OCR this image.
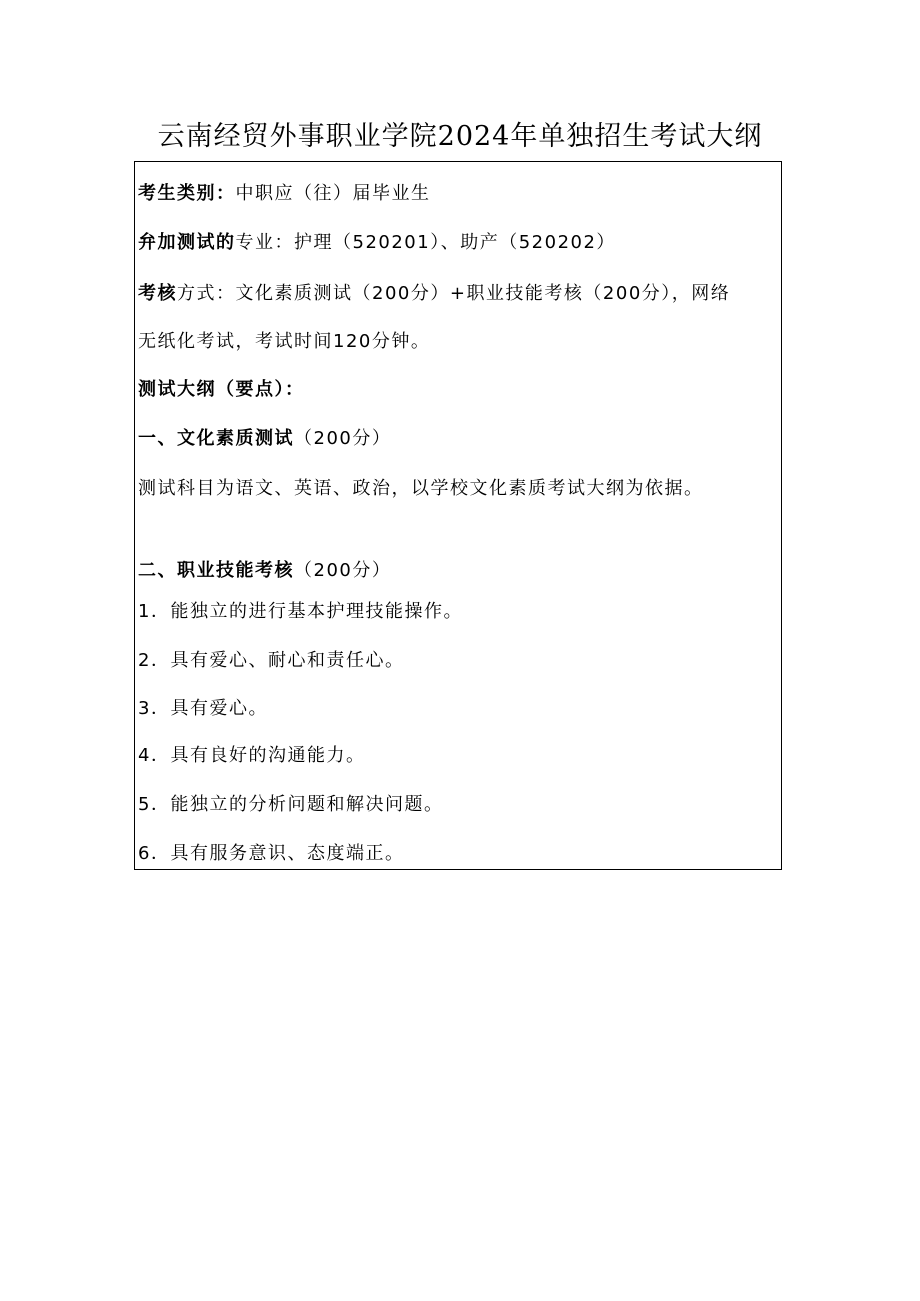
云南经贸外事职业学院2024年单独招生考试大纲
考生类别：中职应（往）届毕业生
弁加测试的专业：护理（520201）、助产（520202）
考核方式：文化素质测试（200分）+职业技能考核（200分），网络
无纸化考试，考试时间120分钟。
测试大纲（要点）：
一、文化素质测试（200分）
测试科目为语文、英语、政治，以学校文化素质考试大纲为依据。
二、职业技能考核（200分）
1．能独立的进行基本护理技能操作。
2．具有爱心、耐心和责任心。
3．具有爱心。
4．具有良好的沟通能力。
5．能独立的分析问题和解决问题。
6．具有服务意识、态度端正。
